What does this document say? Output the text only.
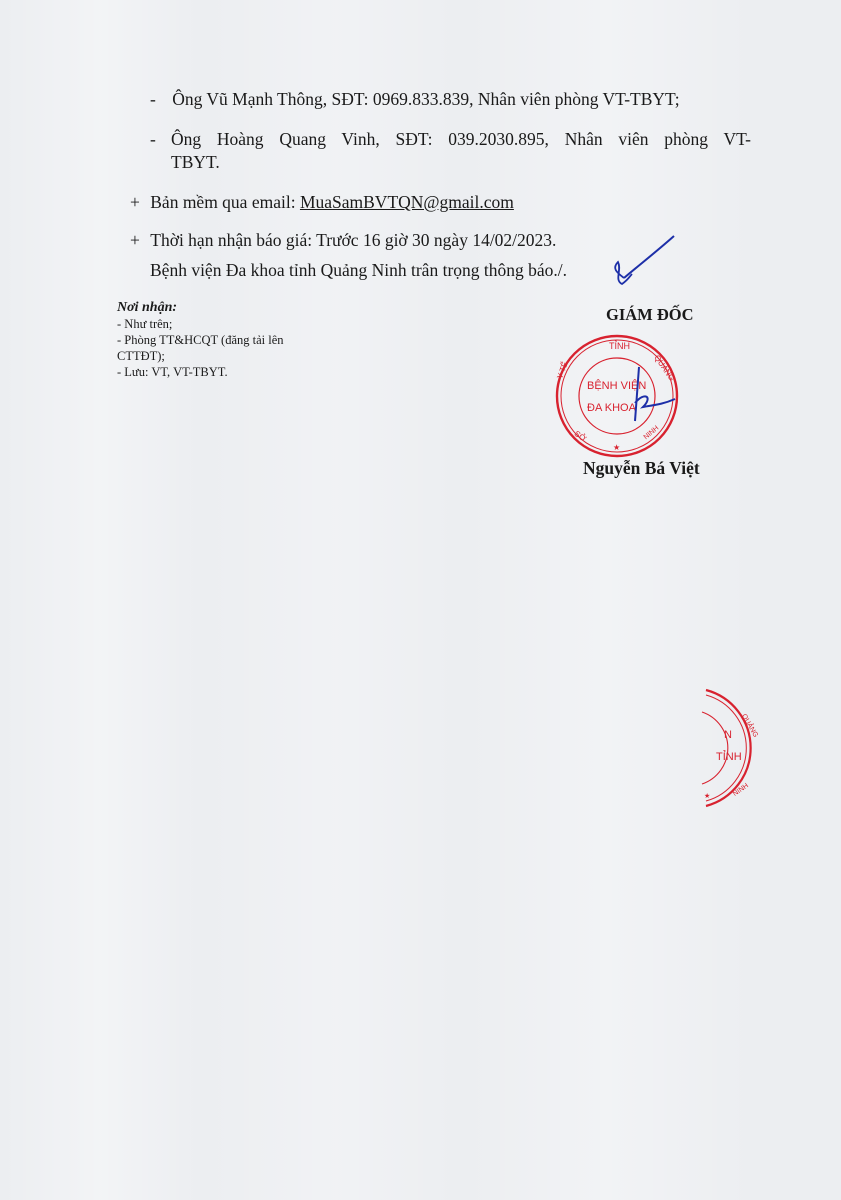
- Ông Vũ Mạnh Thông, SĐT: 0969.833.839, Nhân viên phòng VT-TBYT;
- Ông Hoàng Quang Vinh, SĐT: 039.2030.895, Nhân viên phòng VT-
TBYT.
+ Bản mềm qua email: MuaSamBVTQN@gmail.com
+ Thời hạn nhận báo giá: Trước 16 giờ 30 ngày 14/02/2023.
Bệnh viện Đa khoa tỉnh Quảng Ninh trân trọng thông báo./.
Nơi nhận:
- Như trên;
- Phòng TT&HCQT (đăng tải lên
CTTĐT);
- Lưu: VT, VT-TBYT.
GIÁM ĐỐC
TỈNH
QUẢNG
Y TẾ
BỆNH VIỆN
ĐA KHOA
NINH
SỞ
★
Nguyễn Bá Việt
QUẢNG
N
TỈNH
NINH
★
